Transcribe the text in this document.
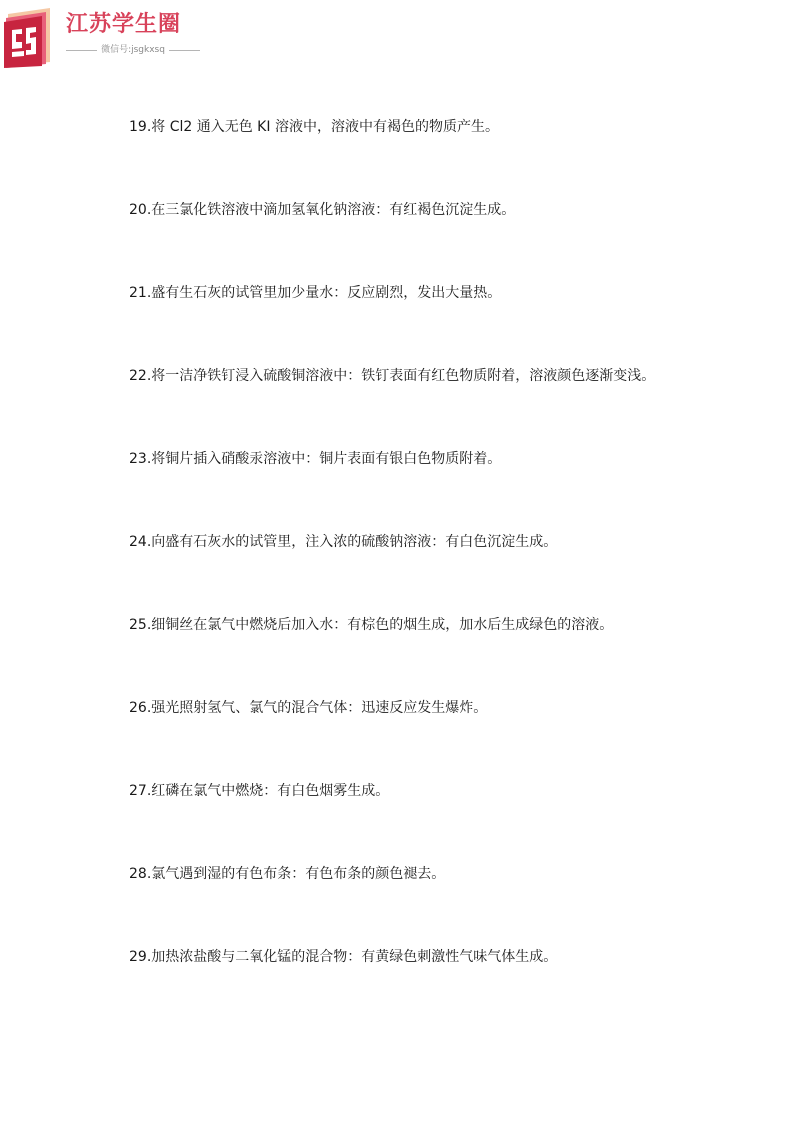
江苏学生圈
微信号:jsgkxsq

19.将 Cl2 通入无色 KI 溶液中，溶液中有褐色的物质产生。

20.在三氯化铁溶液中滴加氢氧化钠溶液：有红褐色沉淀生成。

21.盛有生石灰的试管里加少量水：反应剧烈，发出大量热。

22.将一洁净铁钉浸入硫酸铜溶液中：铁钉表面有红色物质附着，溶液颜色逐渐变浅。

23.将铜片插入硝酸汞溶液中：铜片表面有银白色物质附着。

24.向盛有石灰水的试管里，注入浓的硫酸钠溶液：有白色沉淀生成。

25.细铜丝在氯气中燃烧后加入水：有棕色的烟生成，加水后生成绿色的溶液。

26.强光照射氢气、氯气的混合气体：迅速反应发生爆炸。

27.红磷在氯气中燃烧：有白色烟雾生成。

28.氯气遇到湿的有色布条：有色布条的颜色褪去。

29.加热浓盐酸与二氧化锰的混合物：有黄绿色刺激性气味气体生成。
